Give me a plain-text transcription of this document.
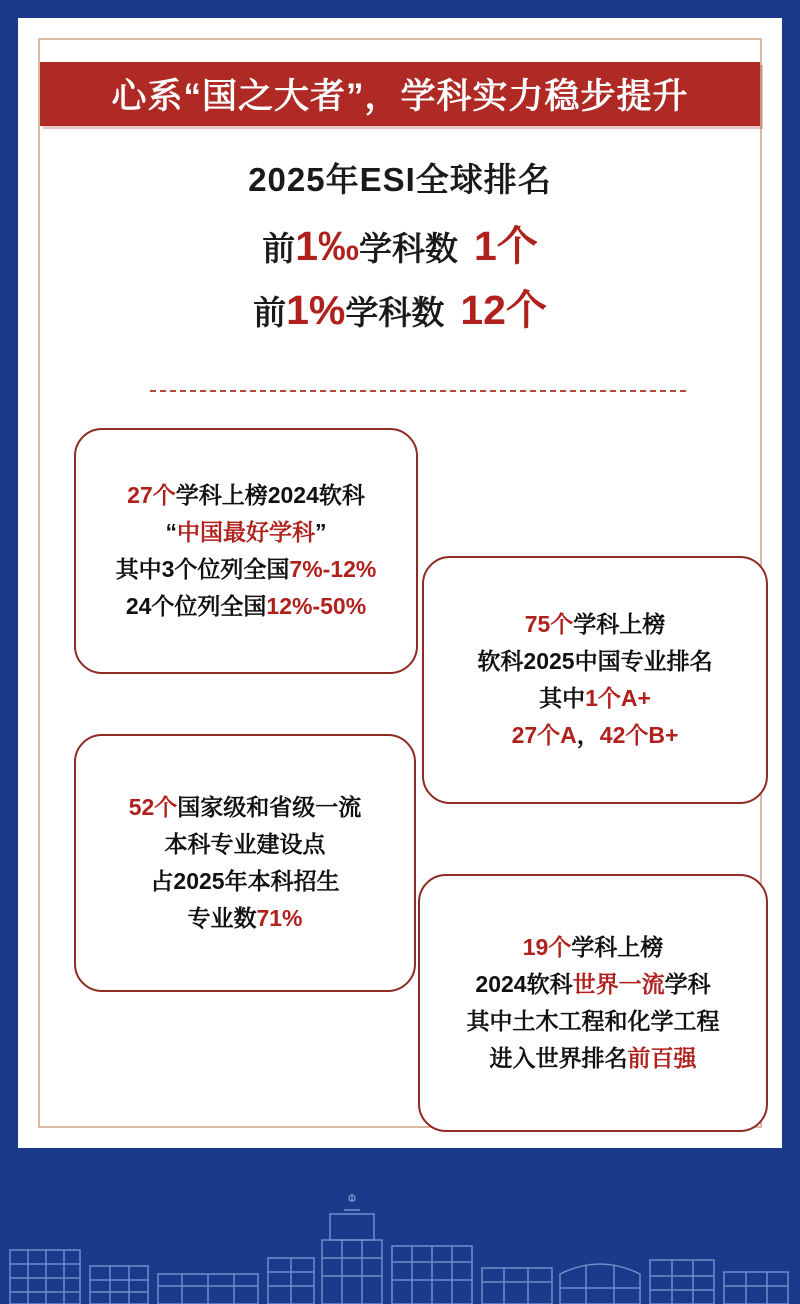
心系“国之大者”，学科实力稳步提升
2025年ESI全球排名
前1‰学科数 1个
前1%学科数 12个
27个学科上榜2024软科
“中国最好学科”
其中3个位列全国7%-12%
24个位列全国12%-50%
75个学科上榜
软科2025中国专业排名
其中1个A+
27个A，42个B+
52个国家级和省级一流
本科专业建设点
占2025年本科招生
专业数71%
19个学科上榜
2024软科世界一流学科
其中土木工程和化学工程
进入世界排名前百强
